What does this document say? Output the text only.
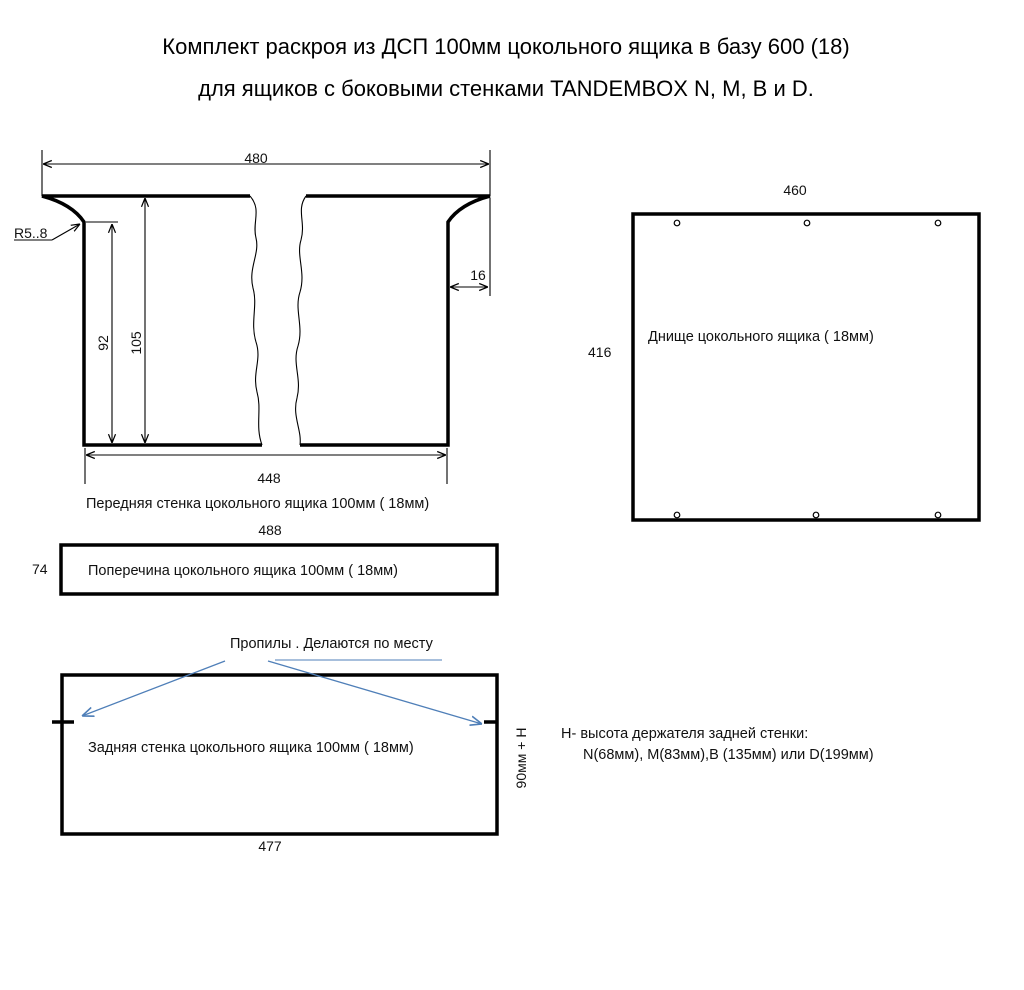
Комплект раскроя из ДСП 100мм цокольного ящика в базу 600 (18)
для ящиков с боковыми стенками TANDEMBOX N, M, B и D.
480
448
92 105
16
R5..8
Передняя стенка цокольного ящика 100мм ( 18мм)
460
416
Днище цокольного ящика ( 18мм)
488
74	Поперечина цокольного ящика 100мм ( 18мм)
Пропилы . Делаются по месту
Задняя стенка цокольного ящика 100мм ( 18мм)
477
90мм + H H- высота держателя задней стенки:
N(68мм), M(83мм),B (135мм) или D(199мм)
